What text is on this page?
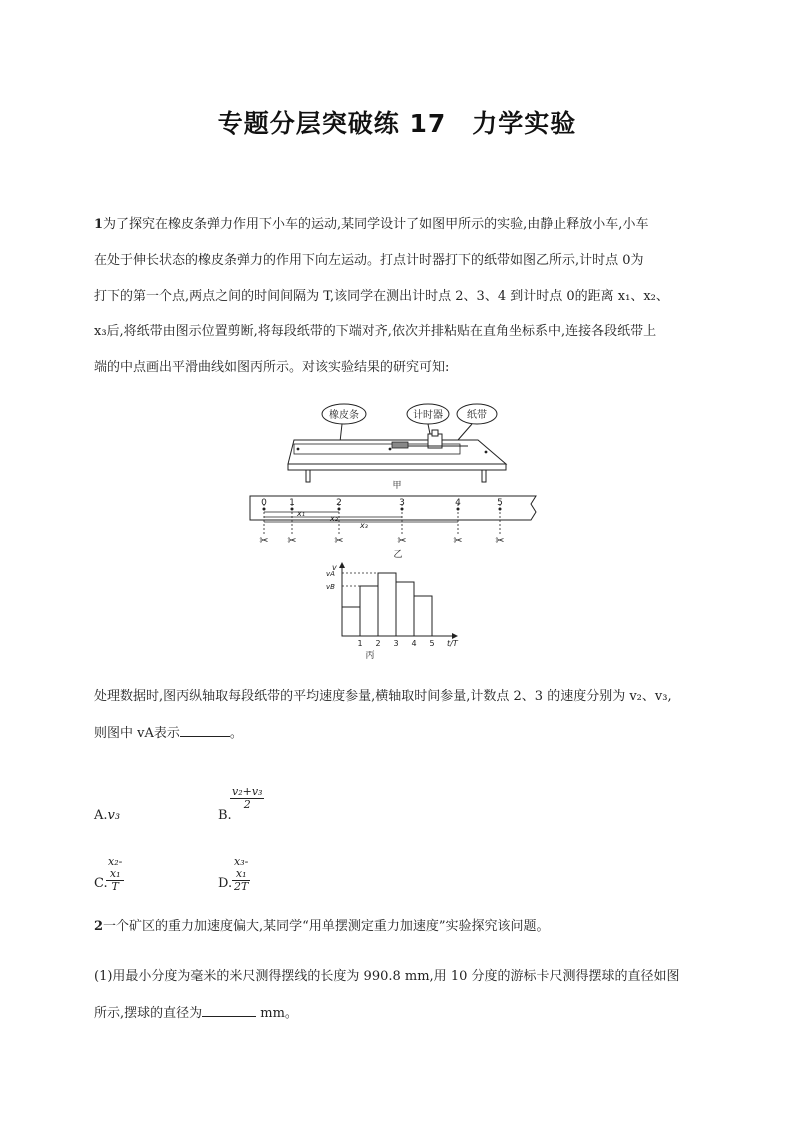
专题分层突破练 17　力学实验
1为了探究在橡皮条弹力作用下小车的运动,某同学设计了如图甲所示的实验,由静止释放小车,小车
在处于伸长状态的橡皮条弹力的作用下向左运动。打点计时器打下的纸带如图乙所示,计时点 0为
打下的第一个点,两点之间的时间间隔为 T,该同学在测出计时点 2、3、4 到计时点 0的距离 x₁、x₂、
x₃后,将纸带由图示位置剪断,将每段纸带的下端对齐,依次并排粘贴在直角坐标系中,连接各段纸带上
端的中点画出平滑曲线如图丙所示。对该实验结果的研究可知:
橡皮条	计时器 纸带
甲
0 1	2	3	4	5
x₁
x₂
x₃
✂ ✂	✂	✂	✂	✂
乙
v
vA
vB
1 2 3 4 5 t/T
丙
处理数据时,图丙纵轴取每段纸带的平均速度参量,横轴取时间参量,计数点 2、3 的速度分别为 v₂、v₃,
则图中 vA表示	。
A.v₃	B.
$\frac{\text{v₂+v₃}}{2}$
C.
$\frac{\text{x₂-x₁}}{T}$	D. $\frac{\text{x₃-x₁}}{2T}$
2一个矿区的重力加速度偏大,某同学“用单摆测定重力加速度”实验探究该问题。
(1)用最小分度为毫米的米尺测得摆线的长度为 990.8 mm,用 10 分度的游标卡尺测得摆球的直径如图
所示,摆球的直径为	mm。
